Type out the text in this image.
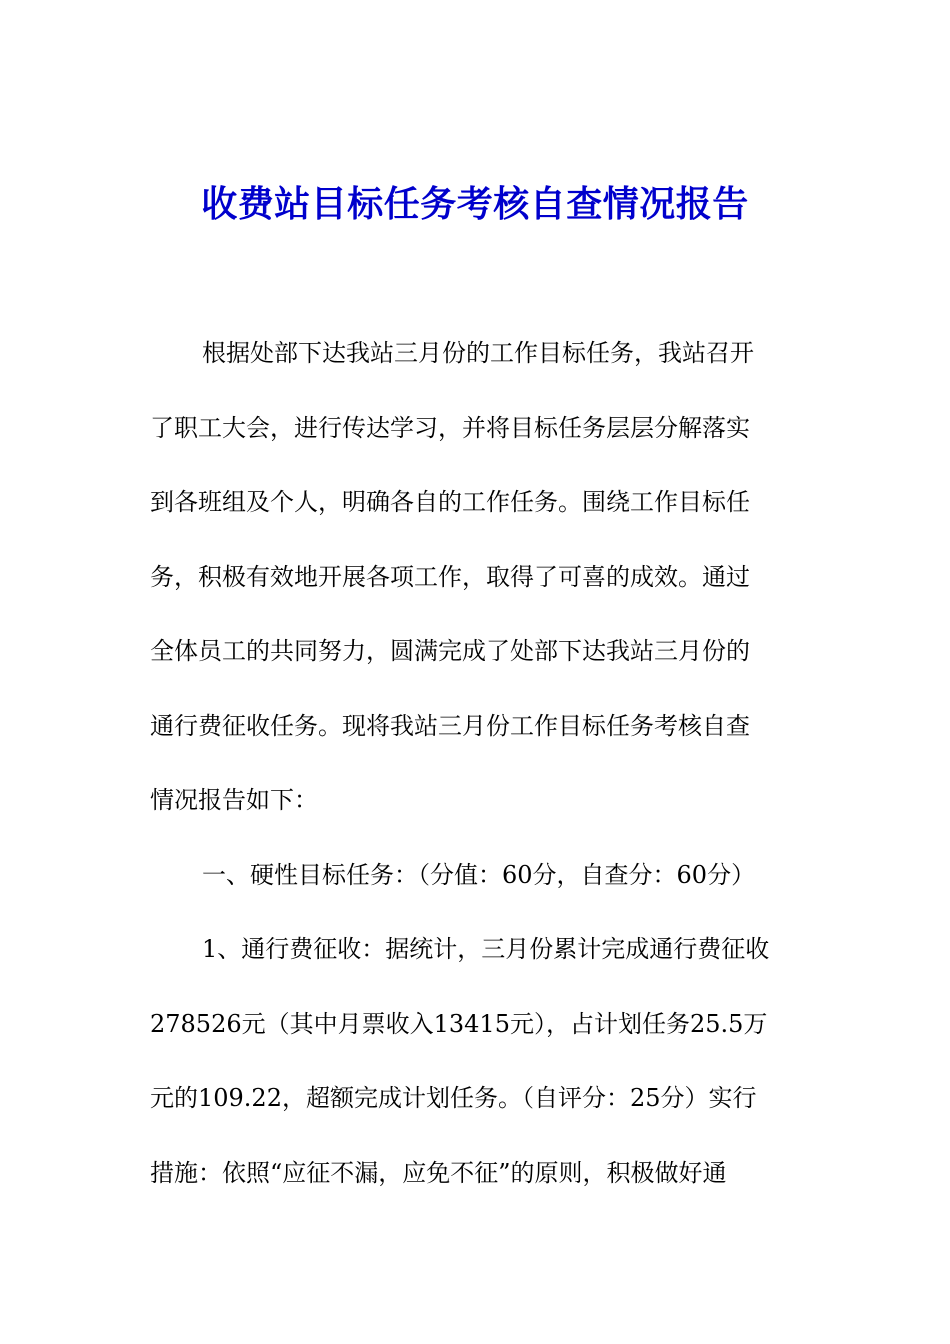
收费站目标任务考核自查情况报告

根据处部下达我站三月份的工作目标任务，我站召开

了职工大会，进行传达学习，并将目标任务层层分解落实

到各班组及个人，明确各自的工作任务。围绕工作目标任

务，积极有效地开展各项工作，取得了可喜的成效。通过

全体员工的共同努力，圆满完成了处部下达我站三月份的

通行费征收任务。现将我站三月份工作目标任务考核自查

情况报告如下：

一、硬性目标任务：（分值：60分，自查分：60分）

1、通行费征收：据统计，三月份累计完成通行费征收

278526元（其中月票收入13415元），占计划任务25.5万

元的109.22，超额完成计划任务。（自评分：25分）实行

措施：依照“应征不漏，应免不征”的原则，积极做好通
